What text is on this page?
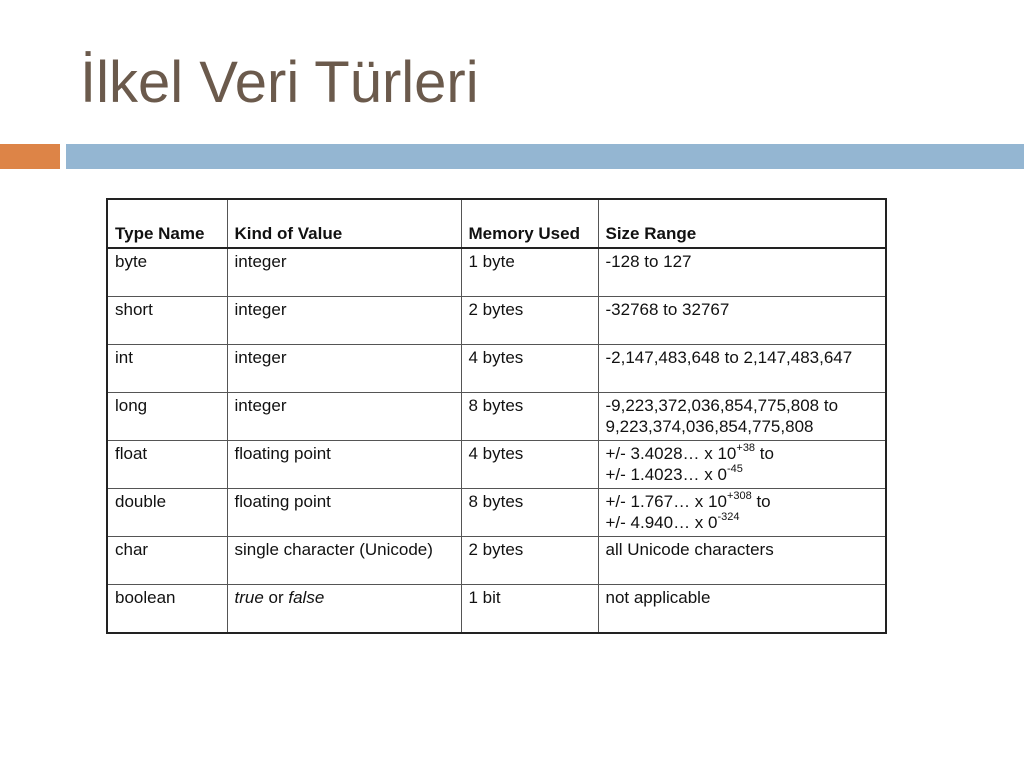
İlkel Veri Türleri
Type Name	Kind of Value	Memory Used	Size Range
byte	integer	1 byte	-128 to 127
short	integer	2 bytes	-32768 to 32767
int	integer	4 bytes	-2,147,483,648 to 2,147,483,647
long	integer	8 bytes	-9,223,372,036,854,775,808 to
9,223,374,036,854,775,808

float	floating point	4 bytes	+/- 3.4028… x $10^{+38}$ to
+/- 1.4023… x $0^{-45}$

double	floating point	8 bytes	+/- 1.767… x $10^{+308}$ to
+/- 4.940… x $0^{-324}$

char	single character (Unicode)	2 bytes	all Unicode characters
boolean	true or false	1 bit	not applicable
